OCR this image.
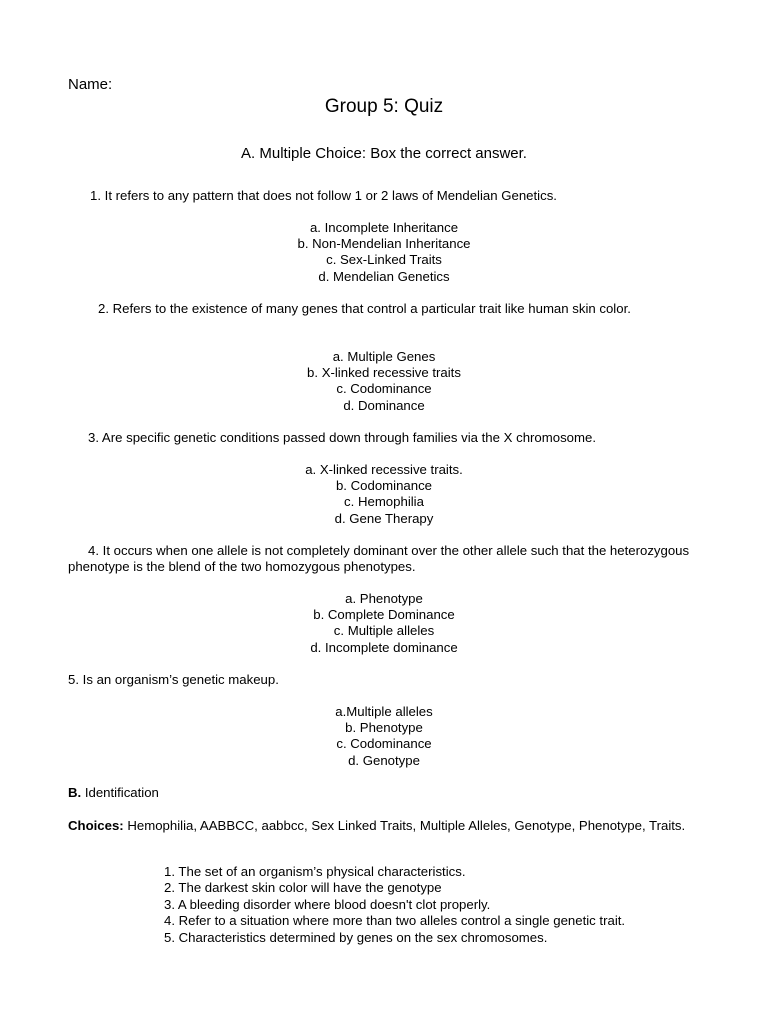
Name:
Group 5: Quiz
A. Multiple Choice: Box the correct answer.
1. It refers to any pattern that does not follow 1 or 2 laws of Mendelian Genetics.
a. Incomplete Inheritance
b. Non-Mendelian Inheritance
c. Sex-Linked Traits
d. Mendelian Genetics
2. Refers to the existence of many genes that control a particular trait like human skin color.
a. Multiple Genes
b. X-linked recessive traits
c. Codominance
d. Dominance
3. Are specific genetic conditions passed down through families via the X chromosome.
a. X-linked recessive traits.
b. Codominance
c. Hemophilia
d. Gene Therapy
4. It occurs when one allele is not completely dominant over the other allele such that the heterozygous phenotype is the blend of the two homozygous phenotypes.
a. Phenotype
b. Complete Dominance
c. Multiple alleles
d. Incomplete dominance
5. Is an organism’s genetic makeup.
a.Multiple alleles
b. Phenotype
c. Codominance
d. Genotype
B. Identification
Choices: Hemophilia, AABBCC, aabbcc, Sex Linked Traits, Multiple Alleles, Genotype, Phenotype, Traits.
1. The set of an organism’s physical characteristics.
2. The darkest skin color will have the genotype
3. A bleeding disorder where blood doesn't clot properly.
4. Refer to a situation where more than two alleles control a single genetic trait.
5. Characteristics determined by genes on the sex chromosomes.
